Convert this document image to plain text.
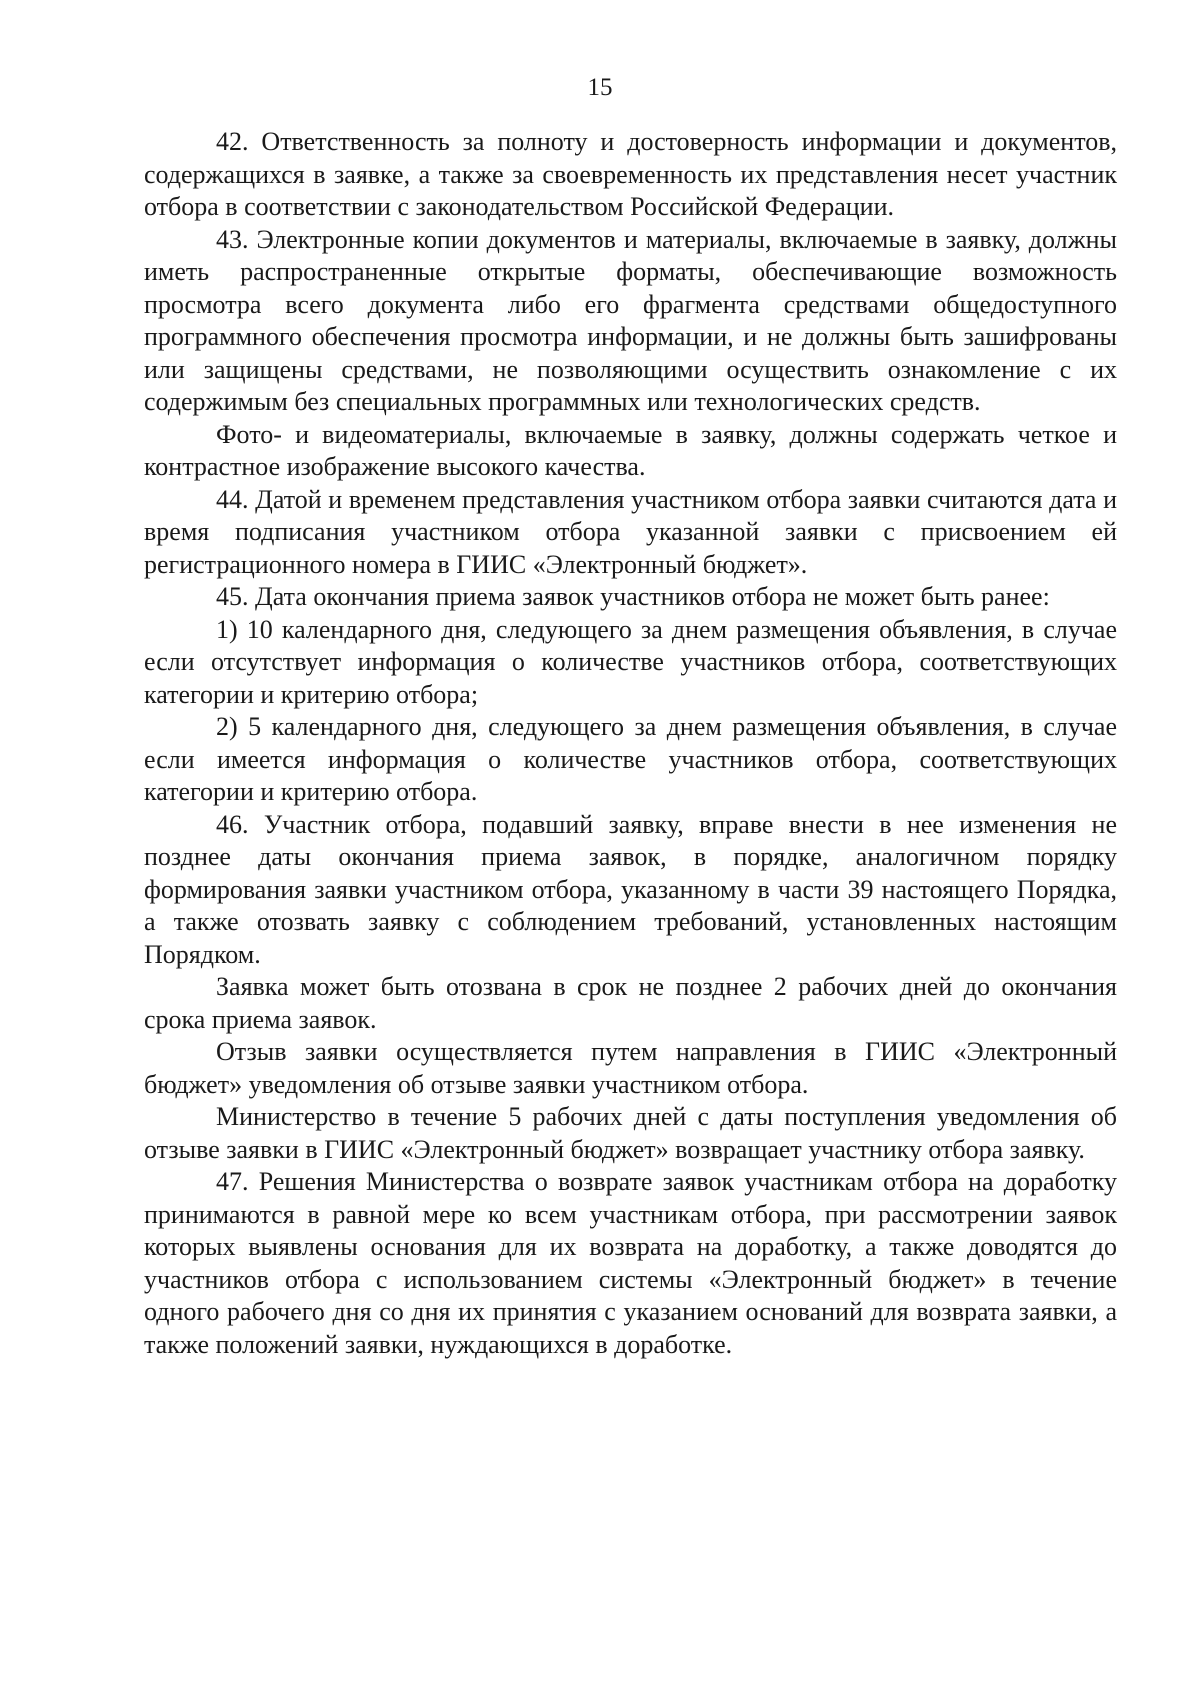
15

42. Ответственность за полноту и достоверность информации и документов, содержащихся в заявке, а также за своевременность их представления несет участник отбора в соответствии с законодательством Российской Федерации.

43. Электронные копии документов и материалы, включаемые в заявку, должны иметь распространенные открытые форматы, обеспечивающие возможность просмотра всего документа либо его фрагмента средствами общедоступного программного обеспечения просмотра информации, и не должны быть зашифрованы или защищены средствами, не позволяющими осуществить ознакомление с их содержимым без специальных программных или технологических средств.

Фото- и видеоматериалы, включаемые в заявку, должны содержать четкое и контрастное изображение высокого качества.

44. Датой и временем представления участником отбора заявки считаются дата и время подписания участником отбора указанной заявки с присвоением ей регистрационного номера в ГИИС «Электронный бюджет».

45. Дата окончания приема заявок участников отбора не может быть ранее:

1) 10 календарного дня, следующего за днем размещения объявления, в случае если отсутствует информация о количестве участников отбора, соответствующих категории и критерию отбора;

2) 5 календарного дня, следующего за днем размещения объявления, в случае если имеется информация о количестве участников отбора, соответствующих категории и критерию отбора.

46. Участник отбора, подавший заявку, вправе внести в нее изменения не позднее даты окончания приема заявок, в порядке, аналогичном порядку формирования заявки участником отбора, указанному в части 39 настоящего Порядка, а также отозвать заявку с соблюдением требований, установленных настоящим Порядком.

Заявка может быть отозвана в срок не позднее 2 рабочих дней до окончания срока приема заявок.

Отзыв заявки осуществляется путем направления в ГИИС «Электронный бюджет» уведомления об отзыве заявки участником отбора.

Министерство в течение 5 рабочих дней с даты поступления уведомления об отзыве заявки в ГИИС «Электронный бюджет» возвращает участнику отбора заявку.

47. Решения Министерства о возврате заявок участникам отбора на доработку принимаются в равной мере ко всем участникам отбора, при рассмотрении заявок которых выявлены основания для их возврата на доработку, а также доводятся до участников отбора с использованием системы «Электронный бюджет» в течение одного рабочего дня со дня их принятия с указанием оснований для возврата заявки, а также положений заявки, нуждающихся в доработке.
